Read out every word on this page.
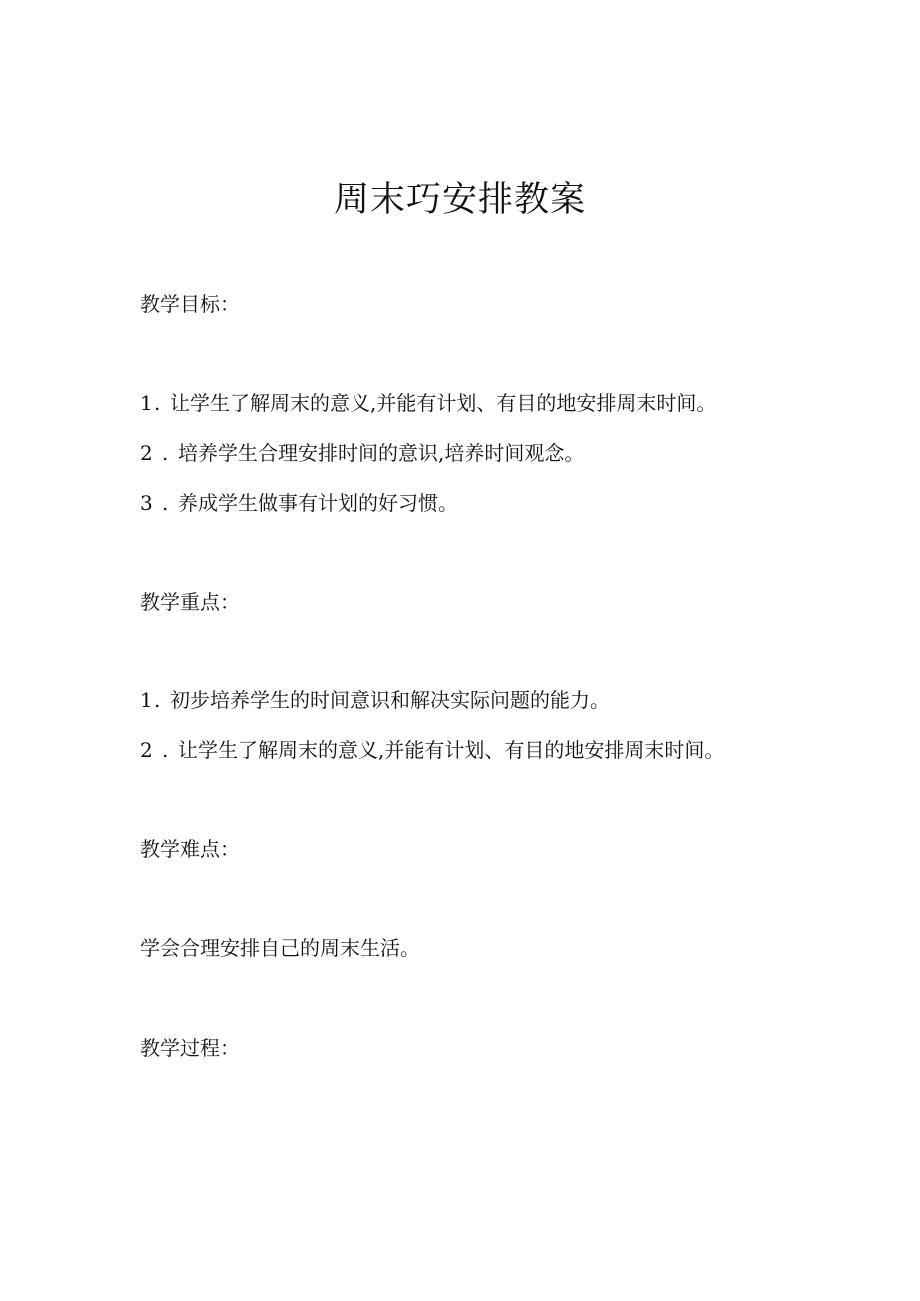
周末巧安排教案

教学目标：

1. 让学生了解周末的意义,并能有计划、有目的地安排周末时间。

2 . 培养学生合理安排时间的意识,培养时间观念。

3 . 养成学生做事有计划的好习惯。

教学重点：

1. 初步培养学生的时间意识和解决实际问题的能力。

2 . 让学生了解周末的意义,并能有计划、有目的地安排周末时间。

教学难点：

学会合理安排自己的周末生活。

教学过程：
